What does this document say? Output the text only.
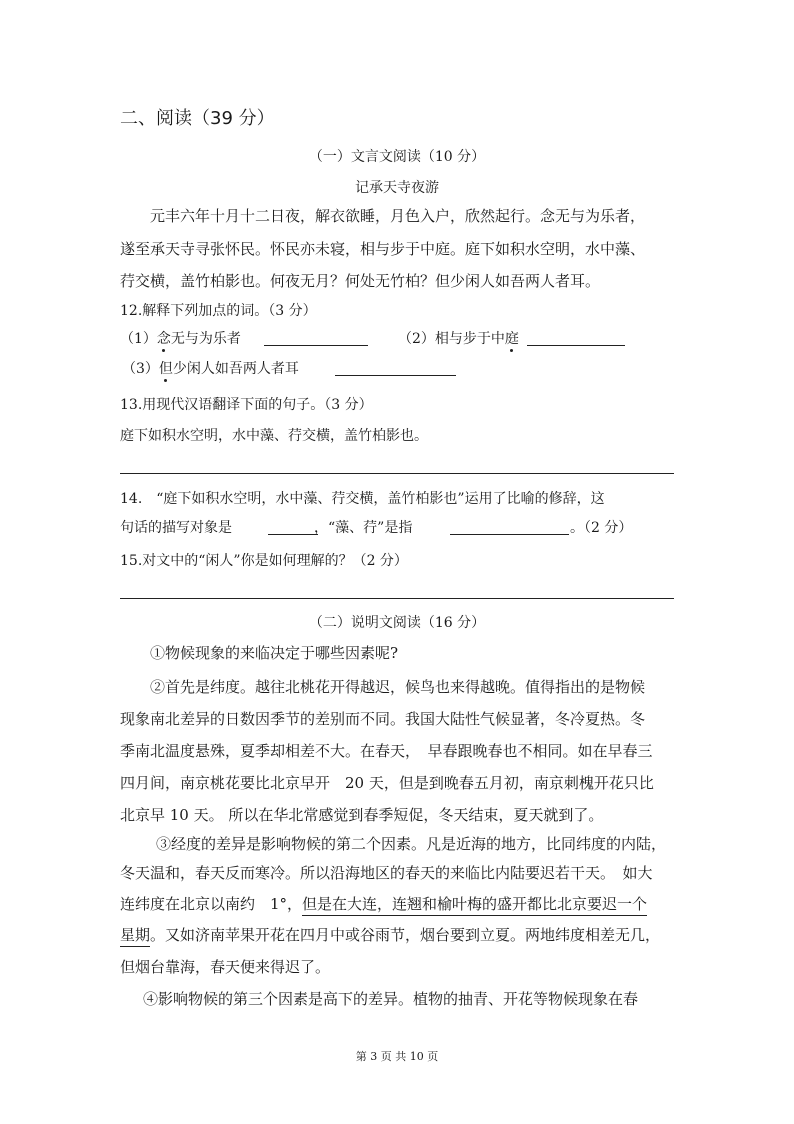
二、阅读（39 分）
（一）文言文阅读（10 分）
记承天寺夜游
元丰六年十月十二日夜，解衣欲睡，月色入户，欣然起行。念无与为乐者，
遂至承天寺寻张怀民。怀民亦未寝，相与步于中庭。庭下如积水空明，水中藻、
荇交横，盖竹柏影也。何夜无月？何处无竹柏？但少闲人如吾两人者耳。
12.解释下列加点的词。（3 分）
（1）念无与为乐者	（2）相与步于中庭
（3）但少闲人如吾两人者耳
13.用现代汉语翻译下面的句子。（3 分）
庭下如积水空明，水中藻、荇交横，盖竹柏影也。
14.　“庭下如积水空明，水中藻、荇交横，盖竹柏影也”运用了比喻的修辞，这
句话的描写对象是	，“藻、荇”是指	。（2 分）
15.对文中的“闲人”你是如何理解的？（2 分）
（二）说明文阅读（16 分）
①物候现象的来临决定于哪些因素呢?
②首先是纬度。越往北桃花开得越迟，候鸟也来得越晚。值得指出的是物候
现象南北差异的日数因季节的差别而不同。我国大陆性气候显著，冬冷夏热。冬
季南北温度悬殊，夏季却相差不大。在春天，　早春跟晚春也不相同。如在早春三
四月间，南京桃花要比北京早开　20 天，但是到晚春五月初，南京刺槐开花只比
北京早 10 天。 所以在华北常感觉到春季短促，冬天结束，夏天就到了。
③经度的差异是影响物候的第二个因素。凡是近海的地方，比同纬度的内陆，
冬天温和，春天反而寒冷。所以沿海地区的春天的来临比内陆要迟若干天。　如大
连纬度在北京以南约　1°，但是在大连，连翘和榆叶梅的盛开都比北京要迟一个
星期。又如济南苹果开花在四月中或谷雨节，烟台要到立夏。两地纬度相差无几，
但烟台靠海，春天便来得迟了。
④影响物候的第三个因素是高下的差异。植物的抽青、开花等物候现象在春
第 3 页 共 10 页
